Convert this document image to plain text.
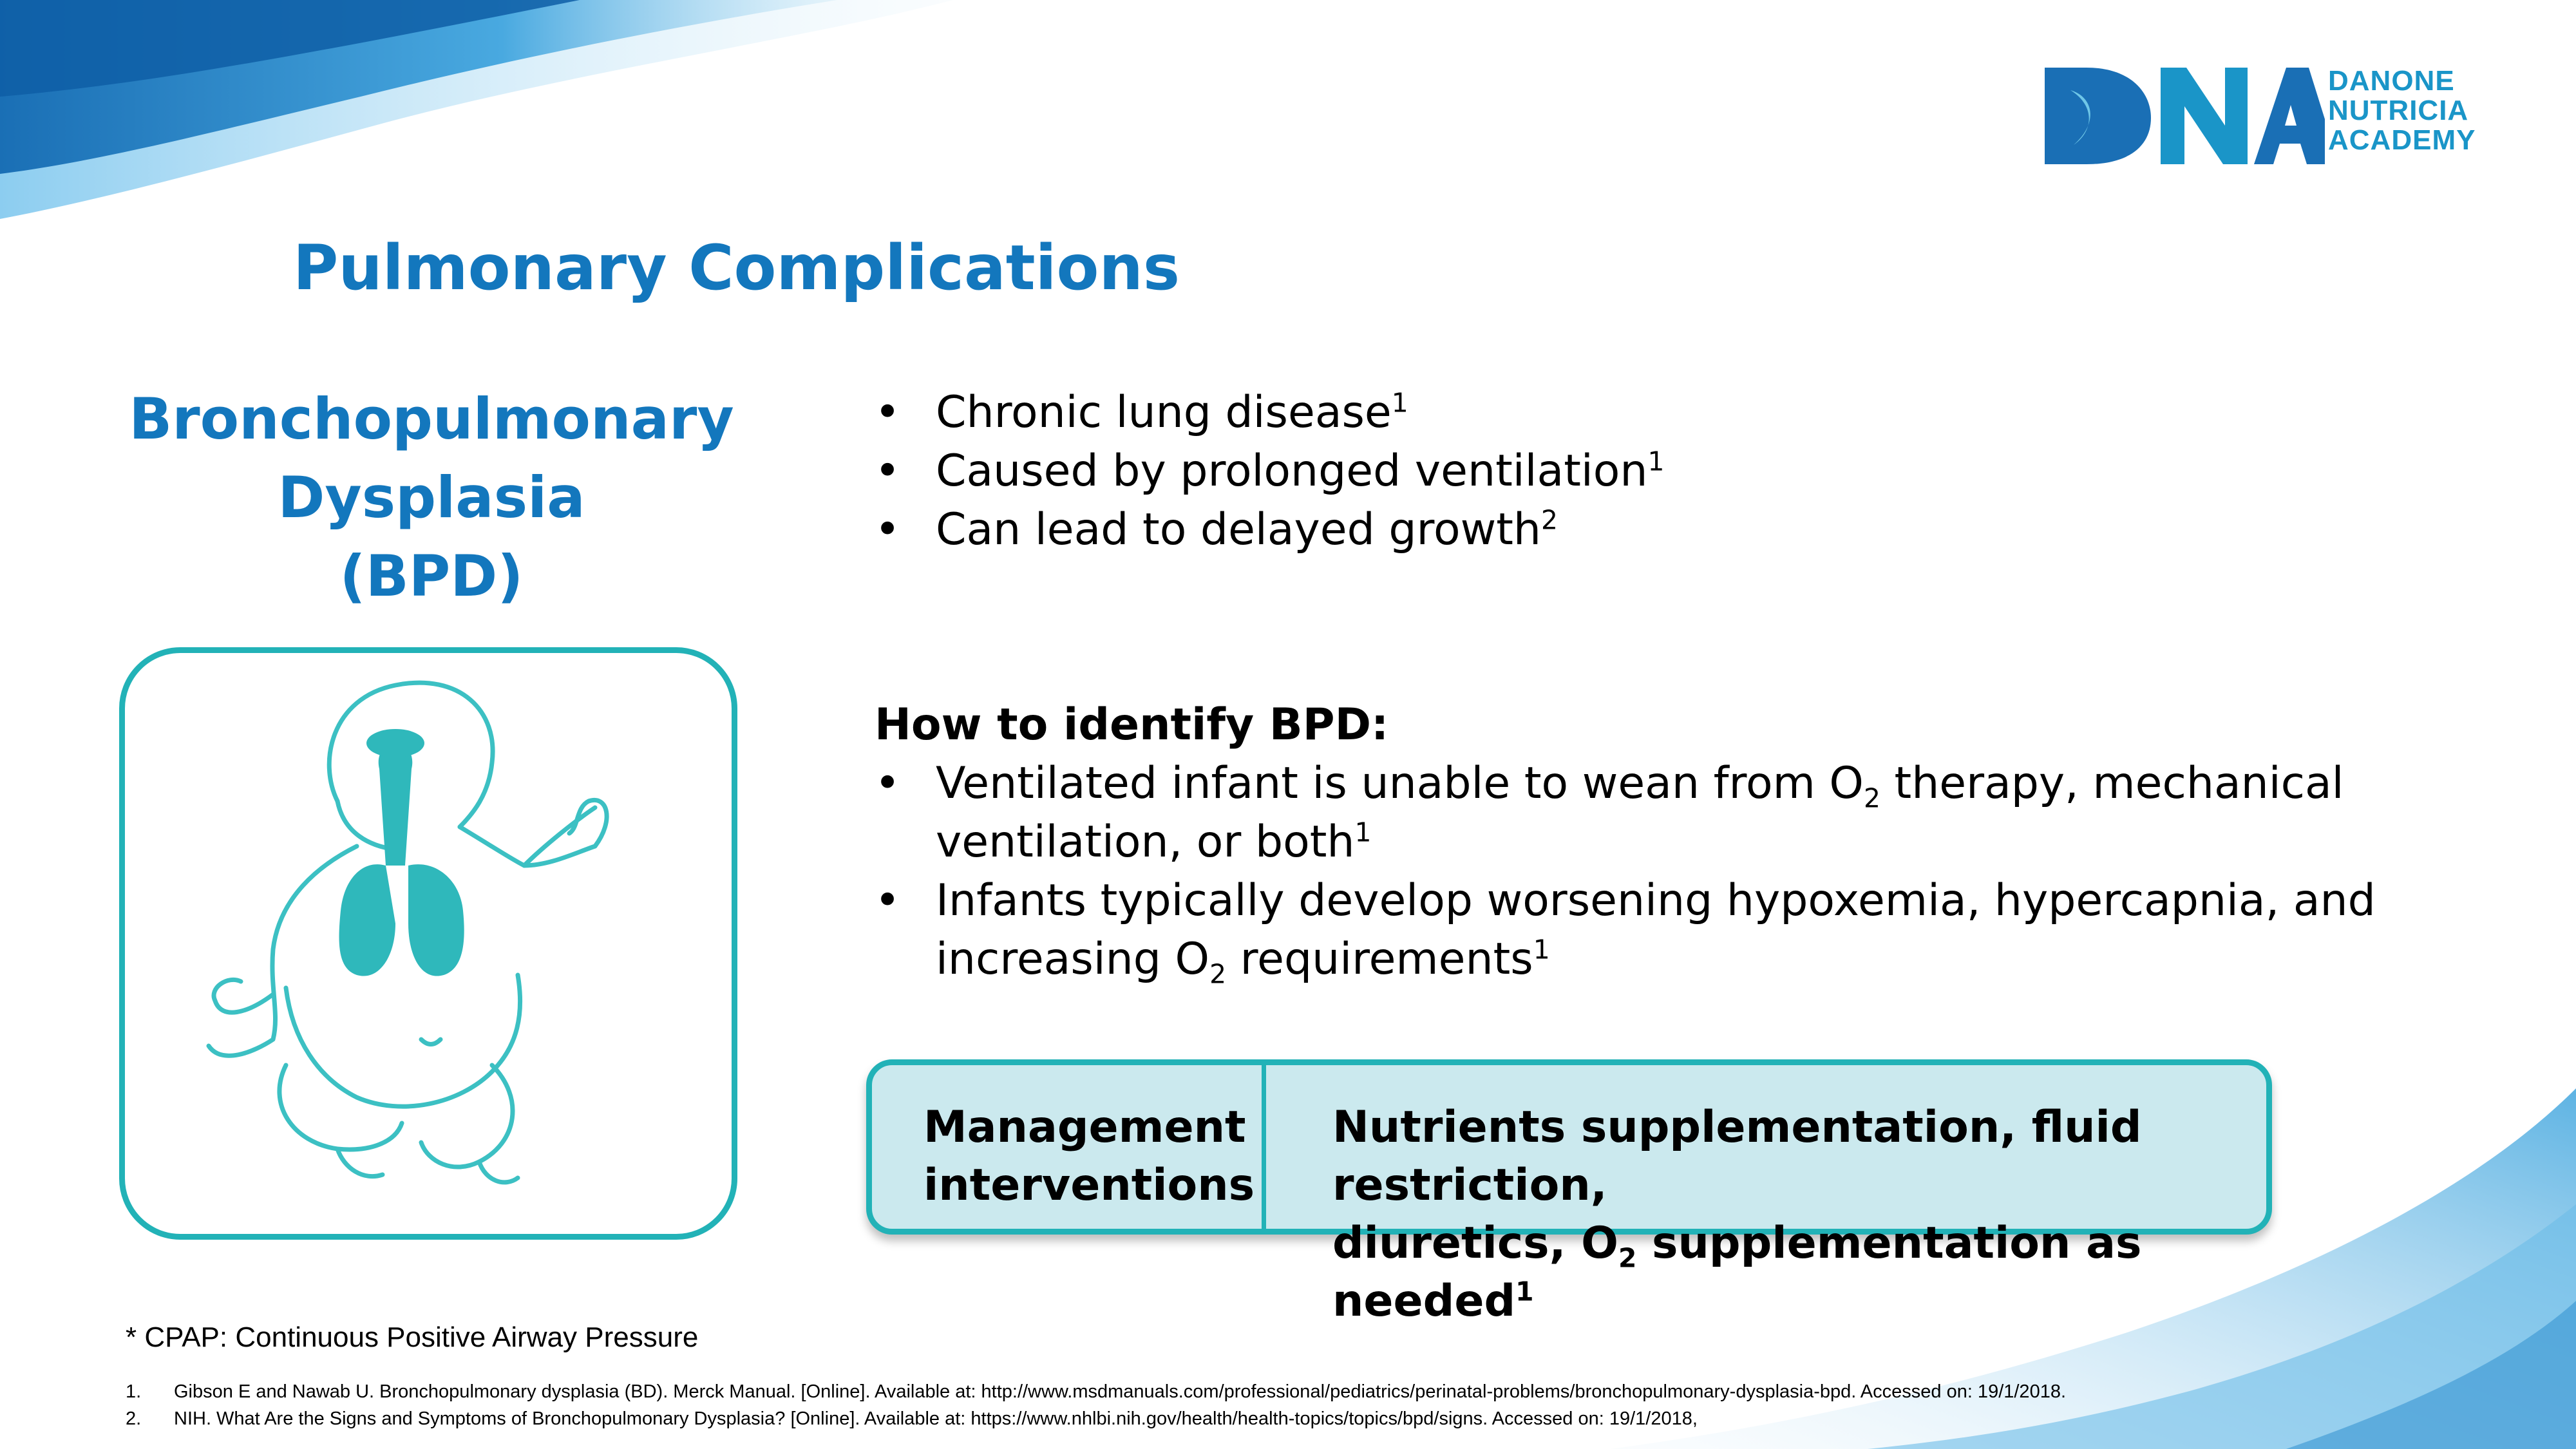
DANONE
NUTRICIA
ACADEMY
Pulmonary Complications
Bronchopulmonary
Dysplasia
(BPD)
• Chronic lung disease$^1$
• Caused by prolonged ventilation$^1$
• Can lead to delayed growth$^2$
How to identify BPD:
• Ventilated infant is unable to wean from $O_2$ therapy, mechanical ventilation, or both$^1$
• Infants typically develop worsening hypoxemia, hypercapnia, and increasing $O_2$ requirements$^1$
Management
interventions
Nutrients supplementation, fluid restriction,
diuretics, $O_2$ supplementation as needed$^1$
* CPAP: Continuous Positive Airway Pressure
1. Gibson E and Nawab U. Bronchopulmonary dysplasia (BD). Merck Manual. [Online]. Available at: http://www.msdmanuals.com/professional/pediatrics/perinatal-problems/bronchopulmonary-dysplasia-bpd. Accessed on: 19/1/2018.
2. NIH. What Are the Signs and Symptoms of Bronchopulmonary Dysplasia? [Online]. Available at: https://www.nhlbi.nih.gov/health/health-topics/topics/bpd/signs. Accessed on: 19/1/2018,
